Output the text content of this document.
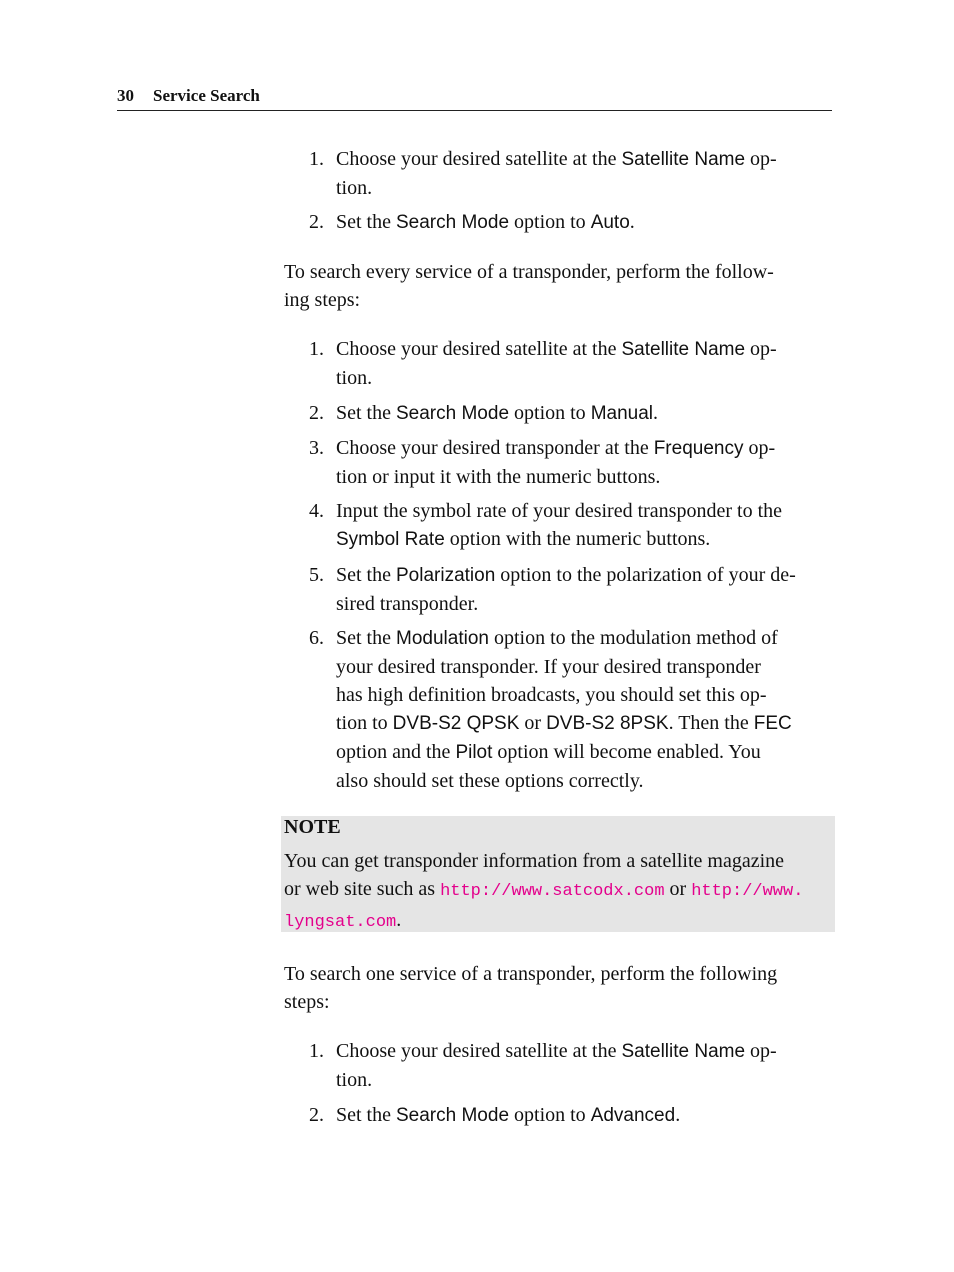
30 Service Search
1. Choose your desired satellite at the Satellite Name op-
tion.
2. Set the Search Mode option to Auto.

To search every service of a transponder, perform the follow-
ing steps:

1. Choose your desired satellite at the Satellite Name op-
tion.
2. Set the Search Mode option to Manual.
3. Choose your desired transponder at the Frequency op-
tion or input it with the numeric buttons.
4. Input the symbol rate of your desired transponder to the
Symbol Rate option with the numeric buttons.
5. Set the Polarization option to the polarization of your de-
sired transponder.
6. Set the Modulation option to the modulation method of
your desired transponder. If your desired transponder
has high definition broadcasts, you should set this op-
tion to DVB-S2 QPSK or DVB-S2 8PSK. Then the FEC
option and the Pilot option will become enabled. You
also should set these options correctly.

To search one service of a transponder, perform the following
steps:

1. Choose your desired satellite at the Satellite Name op-
tion.
2. Set the Search Mode option to Advanced.
NOTE
You can get transponder information from a satellite magazine
or web site such as http://www.satcodx.com or http://www.
lyngsat.com.
